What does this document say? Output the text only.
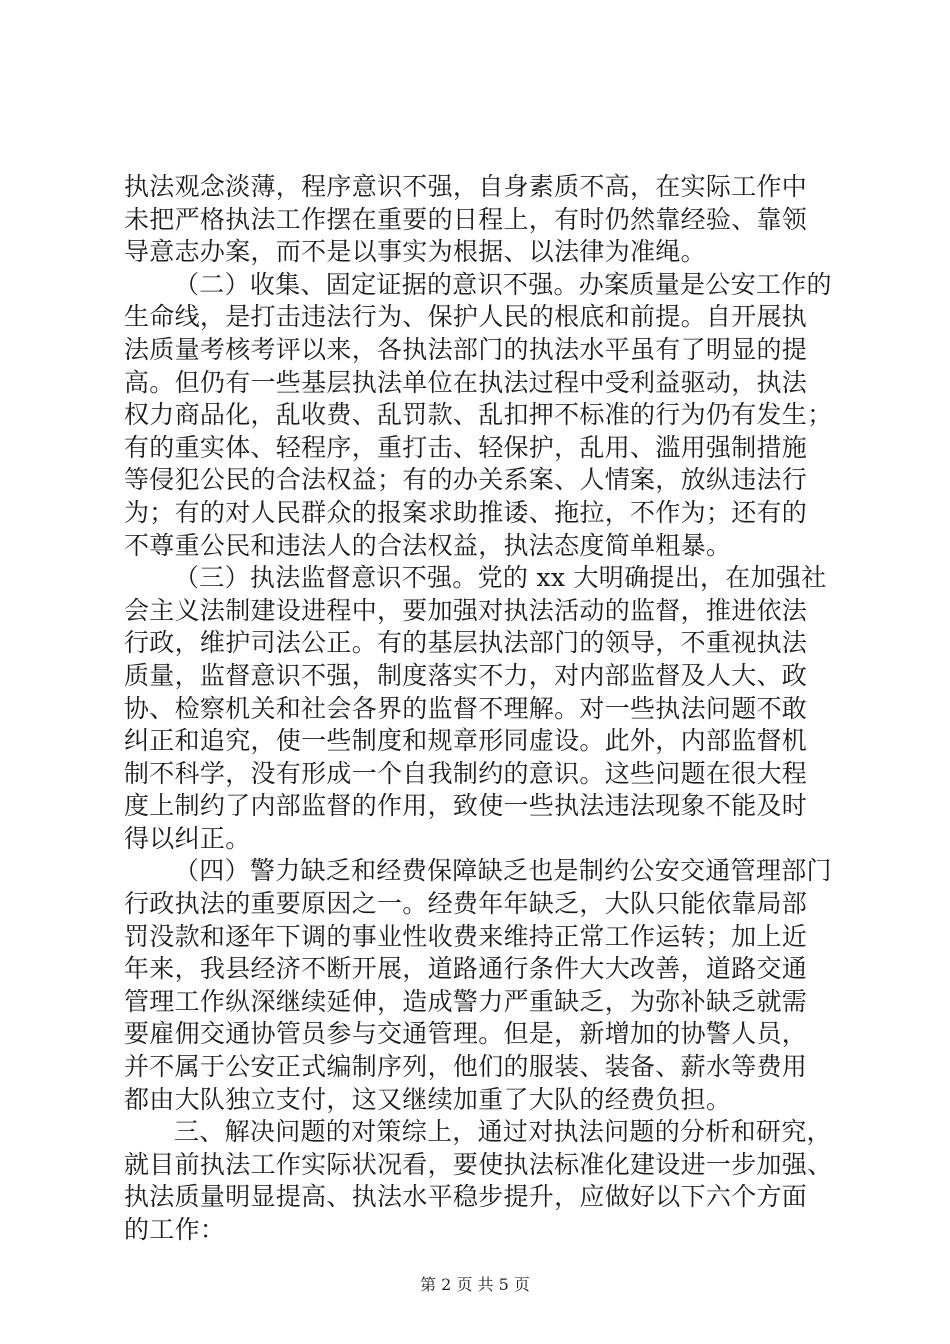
执法观念淡薄，程序意识不强，自身素质不高，在实际工作中
未把严格执法工作摆在重要的日程上，有时仍然靠经验、靠领
导意志办案，而不是以事实为根据、以法律为准绳。
（二）收集、固定证据的意识不强。办案质量是公安工作的
生命线，是打击违法行为、保护人民的根底和前提。自开展执
法质量考核考评以来，各执法部门的执法水平虽有了明显的提
高。但仍有一些基层执法单位在执法过程中受利益驱动，执法
权力商品化，乱收费、乱罚款、乱扣押不标准的行为仍有发生；
有的重实体、轻程序，重打击、轻保护，乱用、滥用强制措施
等侵犯公民的合法权益；有的办关系案、人情案，放纵违法行
为；有的对人民群众的报案求助推诿、拖拉，不作为；还有的
不尊重公民和违法人的合法权益，执法态度简单粗暴。
（三）执法监督意识不强。党的 xx 大明确提出，在加强社
会主义法制建设进程中，要加强对执法活动的监督，推进依法
行政，维护司法公正。有的基层执法部门的领导，不重视执法
质量，监督意识不强，制度落实不力，对内部监督及人大、政
协、检察机关和社会各界的监督不理解。对一些执法问题不敢
纠正和追究，使一些制度和规章形同虚设。此外，内部监督机
制不科学，没有形成一个自我制约的意识。这些问题在很大程
度上制约了内部监督的作用，致使一些执法违法现象不能及时
得以纠正。
（四）警力缺乏和经费保障缺乏也是制约公安交通管理部门
行政执法的重要原因之一。经费年年缺乏，大队只能依靠局部
罚没款和逐年下调的事业性收费来维持正常工作运转；加上近
年来，我县经济不断开展，道路通行条件大大改善，道路交通
管理工作纵深继续延伸，造成警力严重缺乏，为弥补缺乏就需
要雇佣交通协管员参与交通管理。但是，新增加的协警人员，
并不属于公安正式编制序列，他们的服装、装备、薪水等费用
都由大队独立支付，这又继续加重了大队的经费负担。
三、解决问题的对策综上，通过对执法问题的分析和研究，
就目前执法工作实际状况看，要使执法标准化建设进一步加强、
执法质量明显提高、执法水平稳步提升，应做好以下六个方面
的工作：
第 2 页 共 5 页
